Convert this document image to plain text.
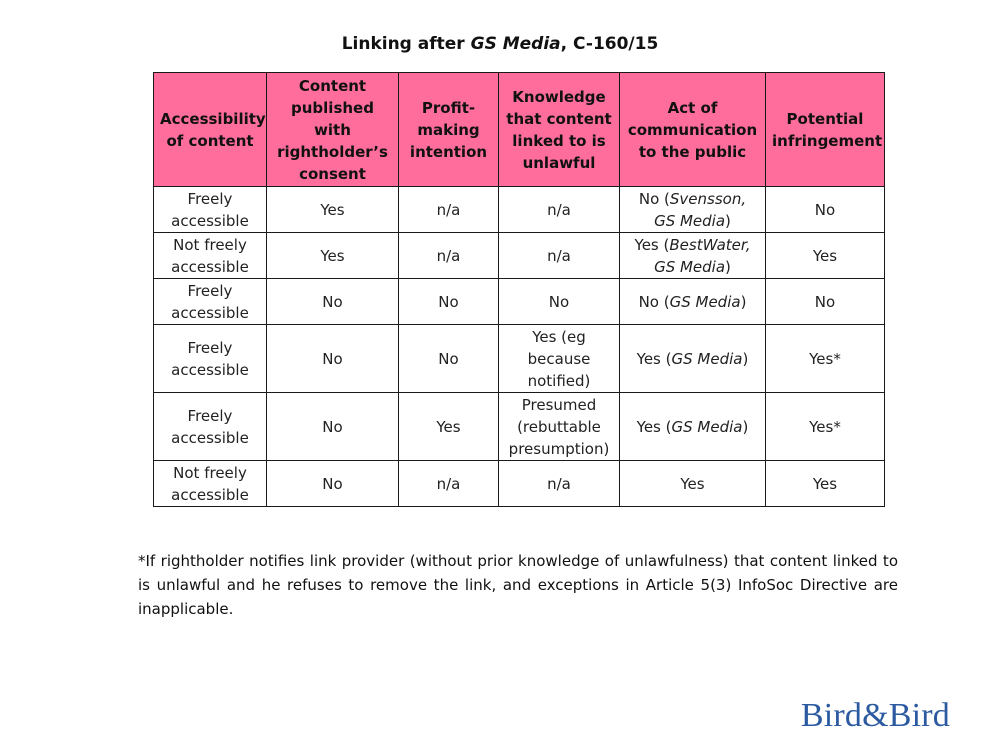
Linking after GS Media, C-160/15
Accessibility of content	Content published with rightholder’s consent	Profit-making intention	Knowledge that content linked to is unlawful	Act of communication to the public	Potential infringement
Freely accessible	Yes	n/a	n/a	No (Svensson, GS Media)	No
Not freely accessible	Yes	n/a	n/a	Yes (BestWater, GS Media)	Yes
Freely accessible	No	No	No	No (GS Media)	No
Freely accessible	No	No	Yes (eg because notified)	Yes (GS Media)	Yes*
Freely accessible	No	Yes	Presumed (rebuttable presumption)	Yes (GS Media)	Yes*
Not freely accessible	No	n/a	n/a	Yes	Yes
*If rightholder notifies link provider (without prior knowledge of unlawfulness) that content linked to is unlawful and he refuses to remove the link, and exceptions in Article 5(3) InfoSoc Directive are inapplicable.
Bird&Bird
